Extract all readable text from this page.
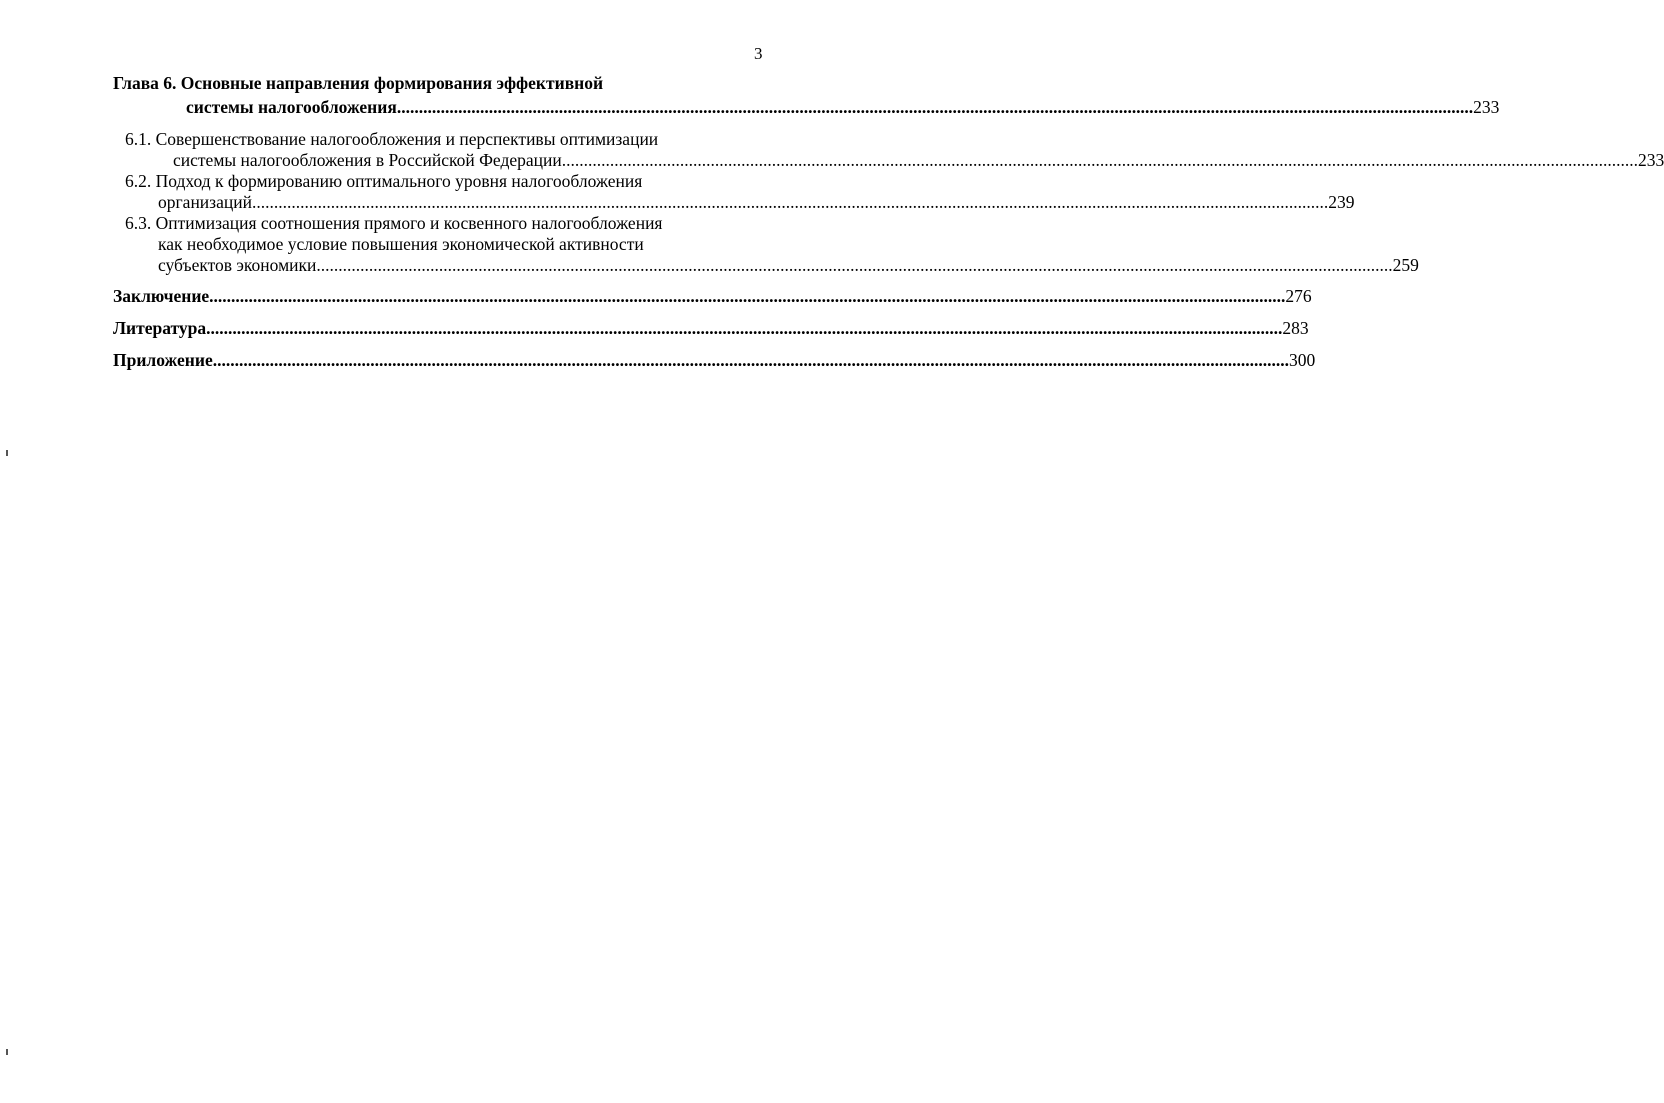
3
Глава 6. Основные направления формирования эффективной
системы налогообложения ...................................................................................................................................................................................................................................................... 233
6.1. Совершенствование налогообложения и перспективы оптимизации
системы налогообложения в Российской Федерации ...................................................................................................................................................................................................................................................... 233
6.2. Подход к формированию оптимального уровня налогообложения
организаций ...................................................................................................................................................................................................................................................... 239
6.3. Оптимизация соотношения прямого и косвенного налогообложения
как необходимое условие повышения экономической активности
субъектов экономики ...................................................................................................................................................................................................................................................... 259
Заключение ...................................................................................................................................................................................................................................................... 276
Литература ...................................................................................................................................................................................................................................................... 283
Приложение ...................................................................................................................................................................................................................................................... 300
